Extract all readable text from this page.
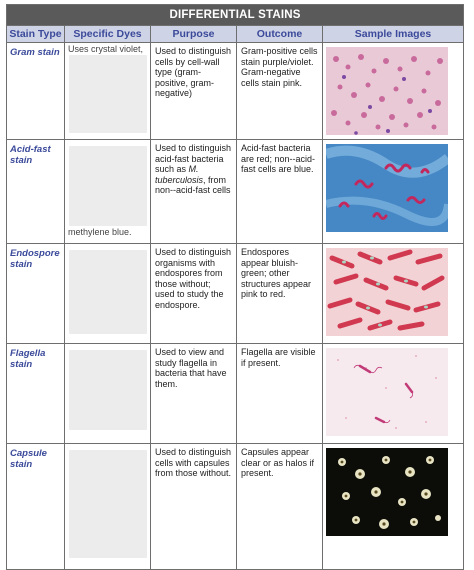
DIFFERENTIAL STAINS				
Stain Type	Specific Dyes	Purpose	Outcome	Sample Images
Gram stain	Uses crystal violet,	Used to distinguish cells by cell-wall type (gram-positive, gram-negative)	Gram-positive cells stain purple/violet. Gram-negative cells stain pink.	

Acid-fast stain	methylene blue.	Used to distinguish acid-fast bacteria such as M. tuberculosis, from non--acid-fast cells	Acid-fast bacteria are red; non--acid-fast cells are blue.	

Endospore stain		Used to distinguish organisms with endospores from those without; used to study the endospore.	Endospores appear bluish-green; other structures appear pink to red.	

Flagella stain		Used to view and study flagella in bacteria that have them.	Flagella are visible if present.	

Capsule stain		Used to distinguish cells with capsules from those without.	Capsules appear clear or as halos if present.	
